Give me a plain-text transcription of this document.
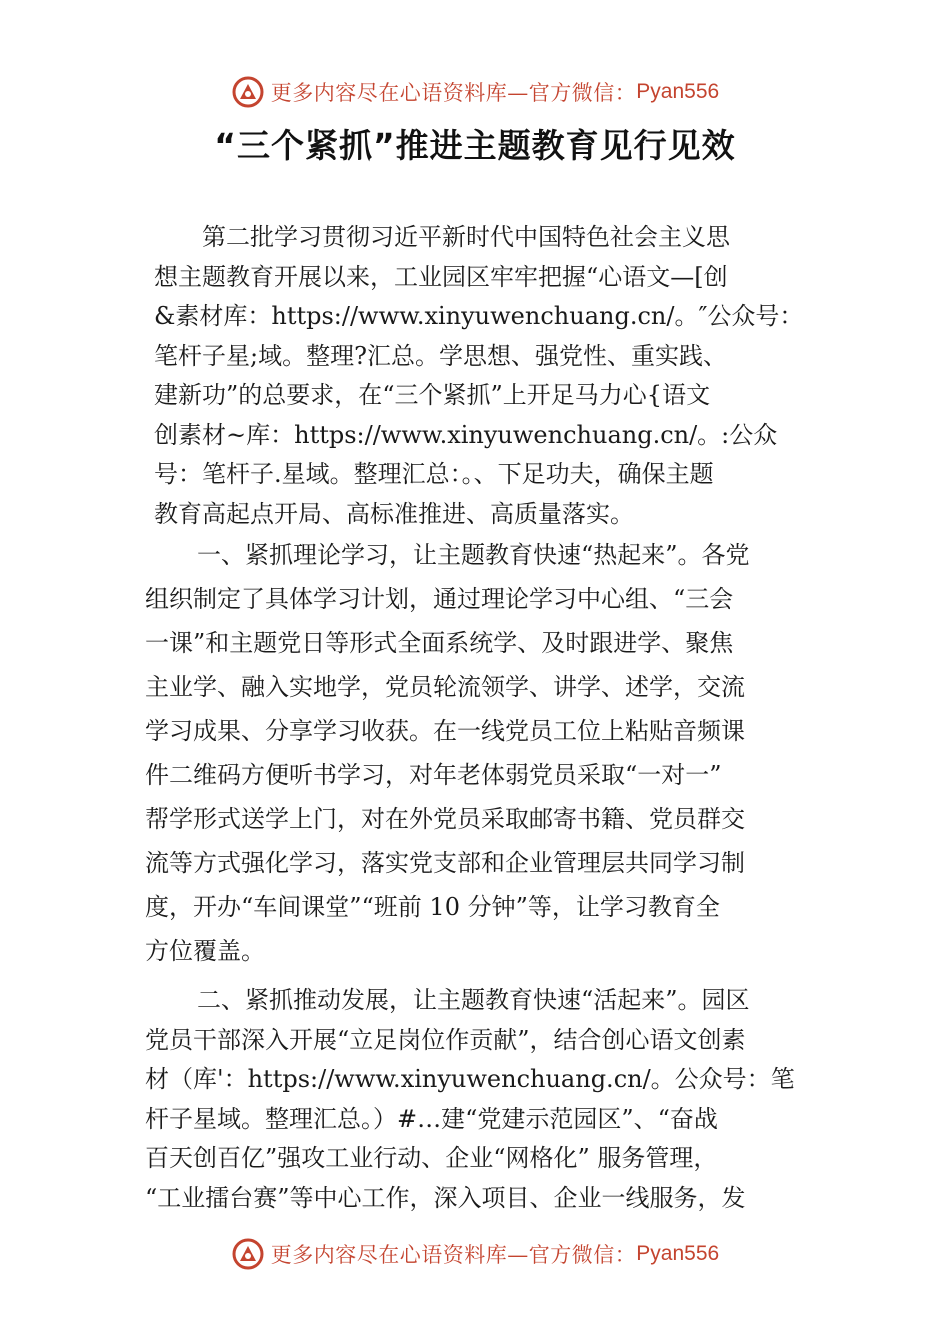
更多内容尽在心语资料库—官方微信： Pyan556
“三个紧抓”推进主题教育见行见效
第二批学习贯彻习近平新时代中国特色社会主义思
想主题教育开展以来，工业园区牢牢把握“心语文—[创
&素材库：https://www.xinyuwenchuang.cn/。″公众号：
笔杆子星;域。整理?汇总。学思想、强党性、重实践、
建新功”的总要求，在“三个紧抓”上开足马力心{语文
创素材~库：https://www.xinyuwenchuang.cn/。:公众
号：笔杆子.星域。整理汇总：。、下足功夫，确保主题
教育高起点开局、高标准推进、高质量落实。
一、紧抓理论学习，让主题教育快速“热起来”。各党
组织制定了具体学习计划，通过理论学习中心组、“三会
一课”和主题党日等形式全面系统学、及时跟进学、聚焦
主业学、融入实地学，党员轮流领学、讲学、述学，交流
学习成果、分享学习收获。在一线党员工位上粘贴音频课
件二维码方便听书学习，对年老体弱党员采取“一对一”
帮学形式送学上门，对在外党员采取邮寄书籍、党员群交
流等方式强化学习，落实党支部和企业管理层共同学习制
度，开办“车间课堂”“班前 10 分钟”等，让学习教育全
方位覆盖。
二、紧抓推动发展，让主题教育快速“活起来”。园区
党员干部深入开展“立足岗位作贡献”，结合创心语文创素
材（库'：https://www.xinyuwenchuang.cn/。公众号：笔
杆子星域。整理汇总。）#…建“党建示范园区”、“奋战
百天创百亿”强攻工业行动、企业“网格化” 服务管理，
“工业擂台赛”等中心工作，深入项目、企业一线服务，发
更多内容尽在心语资料库—官方微信： Pyan556
